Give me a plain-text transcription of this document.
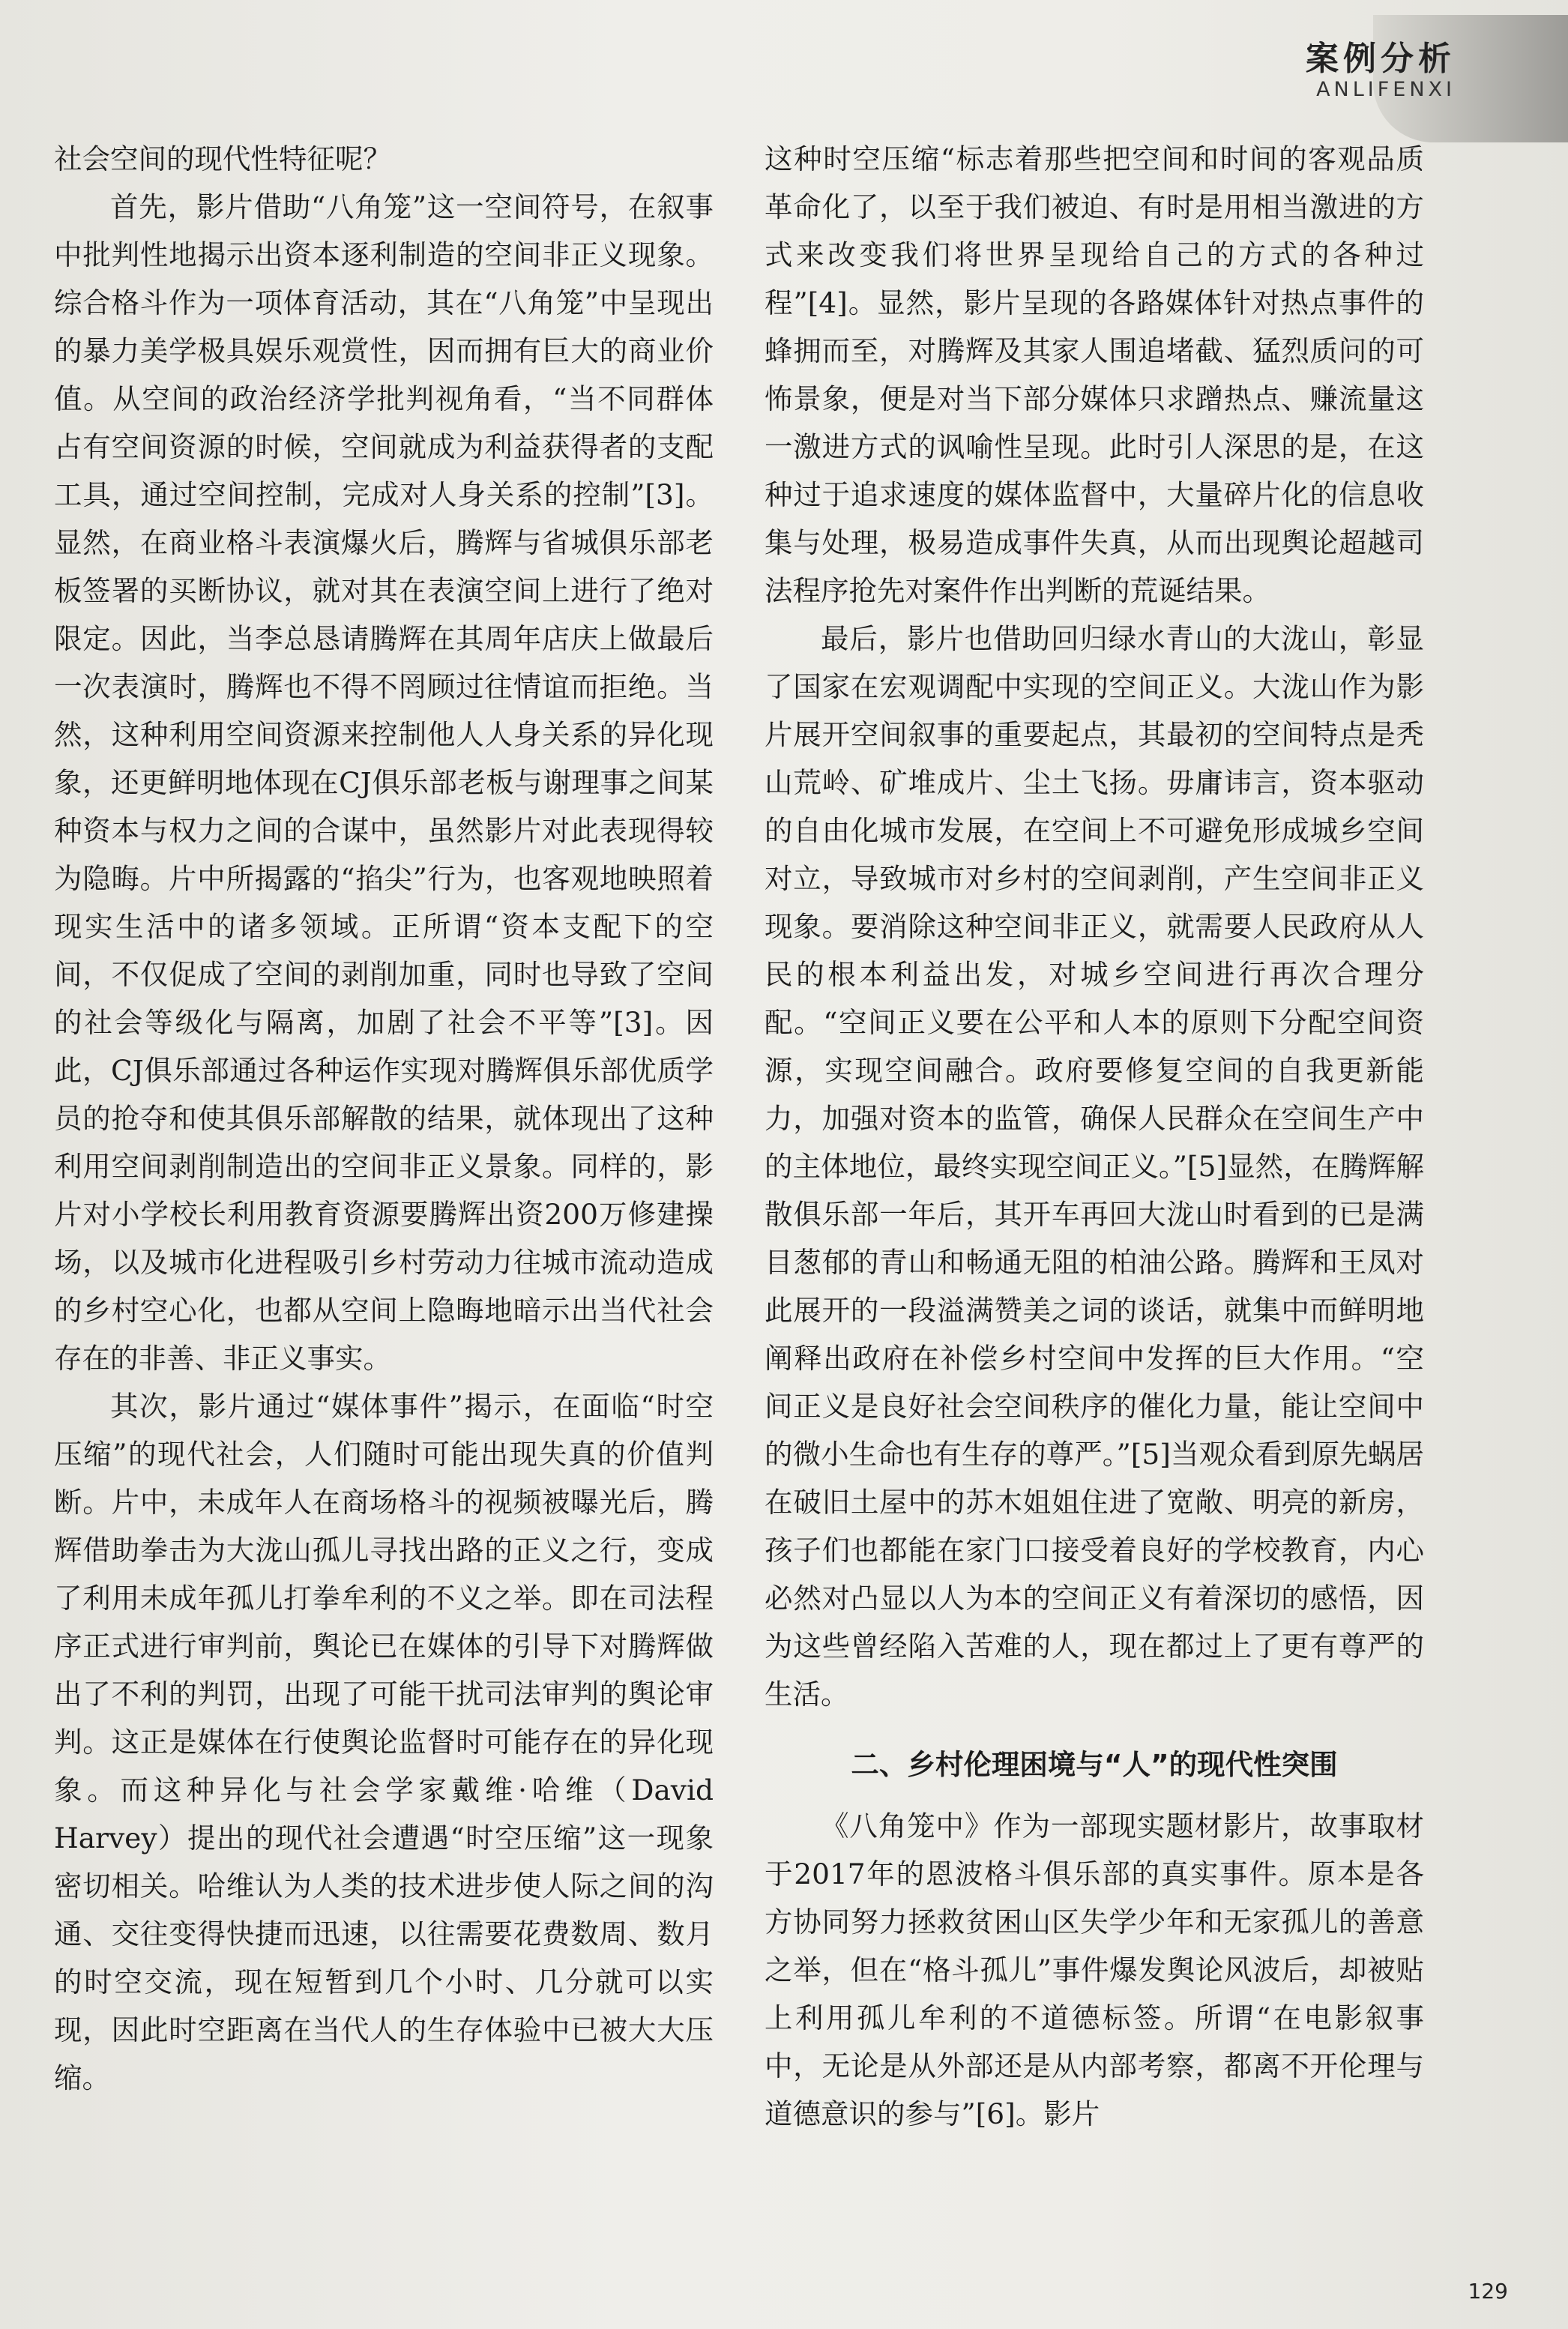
案例分析
ANLIFENXI

社会空间的现代性特征呢？

首先，影片借助“八角笼”这一空间符号，在叙事中批判性地揭示出资本逐利制造的空间非正义现象。综合格斗作为一项体育活动，其在“八角笼”中呈现出的暴力美学极具娱乐观赏性，因而拥有巨大的商业价值。从空间的政治经济学批判视角看，“当不同群体占有空间资源的时候，空间就成为利益获得者的支配工具，通过空间控制，完成对人身关系的控制”[3]。显然，在商业格斗表演爆火后，腾辉与省城俱乐部老板签署的买断协议，就对其在表演空间上进行了绝对限定。因此，当李总恳请腾辉在其周年店庆上做最后一次表演时，腾辉也不得不罔顾过往情谊而拒绝。当然，这种利用空间资源来控制他人人身关系的异化现象，还更鲜明地体现在CJ俱乐部老板与谢理事之间某种资本与权力之间的合谋中，虽然影片对此表现得较为隐晦。片中所揭露的“掐尖”行为，也客观地映照着现实生活中的诸多领域。正所谓“资本支配下的空间，不仅促成了空间的剥削加重，同时也导致了空间的社会等级化与隔离，加剧了社会不平等”[3]。因此，CJ俱乐部通过各种运作实现对腾辉俱乐部优质学员的抢夺和使其俱乐部解散的结果，就体现出了这种利用空间剥削制造出的空间非正义景象。同样的，影片对小学校长利用教育资源要腾辉出资200万修建操场，以及城市化进程吸引乡村劳动力往城市流动造成的乡村空心化，也都从空间上隐晦地暗示出当代社会存在的非善、非正义事实。

其次，影片通过“媒体事件”揭示，在面临“时空压缩”的现代社会，人们随时可能出现失真的价值判断。片中，未成年人在商场格斗的视频被曝光后，腾辉借助拳击为大泷山孤儿寻找出路的正义之行，变成了利用未成年孤儿打拳牟利的不义之举。即在司法程序正式进行审判前，舆论已在媒体的引导下对腾辉做出了不利的判罚，出现了可能干扰司法审判的舆论审判。这正是媒体在行使舆论监督时可能存在的异化现象。而这种异化与社会学家戴维·哈维（David Harvey）提出的现代社会遭遇“时空压缩”这一现象密切相关。哈维认为人类的技术进步使人际之间的沟通、交往变得快捷而迅速，以往需要花费数周、数月的时空交流，现在短暂到几个小时、几分就可以实现，因此时空距离在当代人的生存体验中已被大大压缩。

这种时空压缩“标志着那些把空间和时间的客观品质革命化了，以至于我们被迫、有时是用相当激进的方式来改变我们将世界呈现给自己的方式的各种过程”[4]。显然，影片呈现的各路媒体针对热点事件的蜂拥而至，对腾辉及其家人围追堵截、猛烈质问的可怖景象，便是对当下部分媒体只求蹭热点、赚流量这一激进方式的讽喻性呈现。此时引人深思的是，在这种过于追求速度的媒体监督中，大量碎片化的信息收集与处理，极易造成事件失真，从而出现舆论超越司法程序抢先对案件作出判断的荒诞结果。

最后，影片也借助回归绿水青山的大泷山，彰显了国家在宏观调配中实现的空间正义。大泷山作为影片展开空间叙事的重要起点，其最初的空间特点是秃山荒岭、矿堆成片、尘土飞扬。毋庸讳言，资本驱动的自由化城市发展，在空间上不可避免形成城乡空间对立，导致城市对乡村的空间剥削，产生空间非正义现象。要消除这种空间非正义，就需要人民政府从人民的根本利益出发，对城乡空间进行再次合理分配。“空间正义要在公平和人本的原则下分配空间资源，实现空间融合。政府要修复空间的自我更新能力，加强对资本的监管，确保人民群众在空间生产中的主体地位，最终实现空间正义。”[5]显然，在腾辉解散俱乐部一年后，其开车再回大泷山时看到的已是满目葱郁的青山和畅通无阻的柏油公路。腾辉和王凤对此展开的一段溢满赞美之词的谈话，就集中而鲜明地阐释出政府在补偿乡村空间中发挥的巨大作用。“空间正义是良好社会空间秩序的催化力量，能让空间中的微小生命也有生存的尊严。”[5]当观众看到原先蜗居在破旧土屋中的苏木姐姐住进了宽敞、明亮的新房，孩子们也都能在家门口接受着良好的学校教育，内心必然对凸显以人为本的空间正义有着深切的感悟，因为这些曾经陷入苦难的人，现在都过上了更有尊严的生活。

二、乡村伦理困境与“人”的现代性突围

《八角笼中》作为一部现实题材影片，故事取材于2017年的恩波格斗俱乐部的真实事件。原本是各方协同努力拯救贫困山区失学少年和无家孤儿的善意之举，但在“格斗孤儿”事件爆发舆论风波后，却被贴上利用孤儿牟利的不道德标签。所谓“在电影叙事中，无论是从外部还是从内部考察，都离不开伦理与道德意识的参与”[6]。影片

129
